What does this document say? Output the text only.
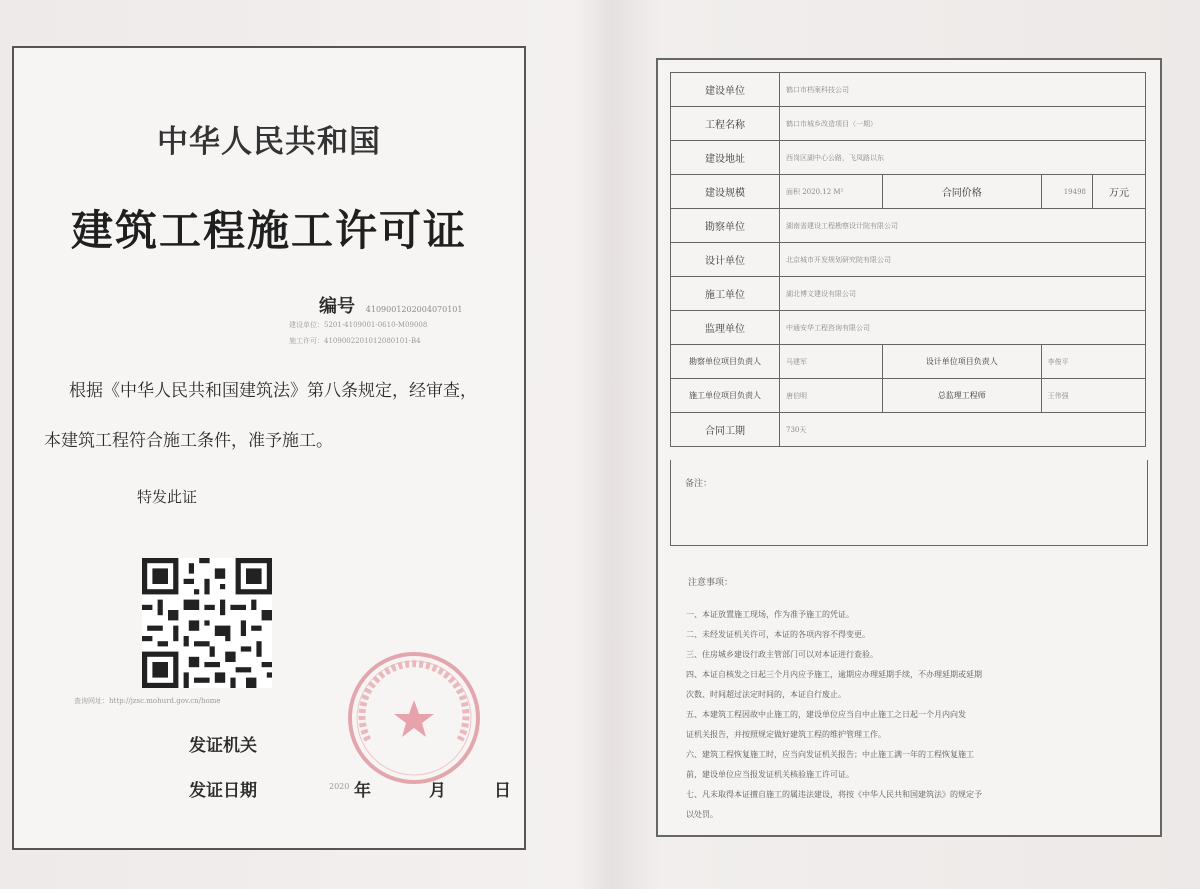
中华人民共和国
建筑工程施工许可证
编号 4109001202004070101
建设单位：5201-4109001-0610-M09008
施工许可：4109002201012080101-B4
根据《中华人民共和国建筑法》第八条规定，经审查，
本建筑工程符合施工条件，准予施工。
特发此证
查询网址：http://jzsc.mohurd.gov.cn/home
发证机关
发证日期	2020 年	月	日
建设单位	鹤口市档案科技公司			
工程名称	鹤口市城乡改造项目（一期）			
建设地址	西岗区湖中心公路，飞凤路以东			
建设规模	面积 2020.12 M²	合同价格	19498	万元
勘察单位	湖南省建设工程勘察设计院有限公司			
设计单位	北京城市开发规划研究院有限公司			
施工单位	湖北博文建设有限公司			
监理单位	中通安华工程咨询有限公司			
勘察单位项目负责人	马建军	设计单位项目负责人	李俊平	
施工单位项目负责人	唐伯明	总监理工程师	王伟强	
合同工期	730天			
备注：
注意事项：
一、本证放置施工现场，作为准予施工的凭证。
二、未经发证机关许可，本证的各项内容不得变更。
三、住房城乡建设行政主管部门可以对本证进行查验。
四、本证自核发之日起三个月内应予施工，逾期应办理延期手续，不办理延期或延期
次数、时间超过法定时间的，本证自行废止。
五、本建筑工程因故中止施工的，建设单位应当自中止施工之日起一个月内向发
证机关报告，并按照规定做好建筑工程的维护管理工作。
六、建筑工程恢复施工时，应当向发证机关报告；中止施工满一年的工程恢复施工
前，建设单位应当报发证机关核验施工许可证。
七、凡未取得本证擅自施工的属违法建设，将按《中华人民共和国建筑法》的规定予
以处罚。
